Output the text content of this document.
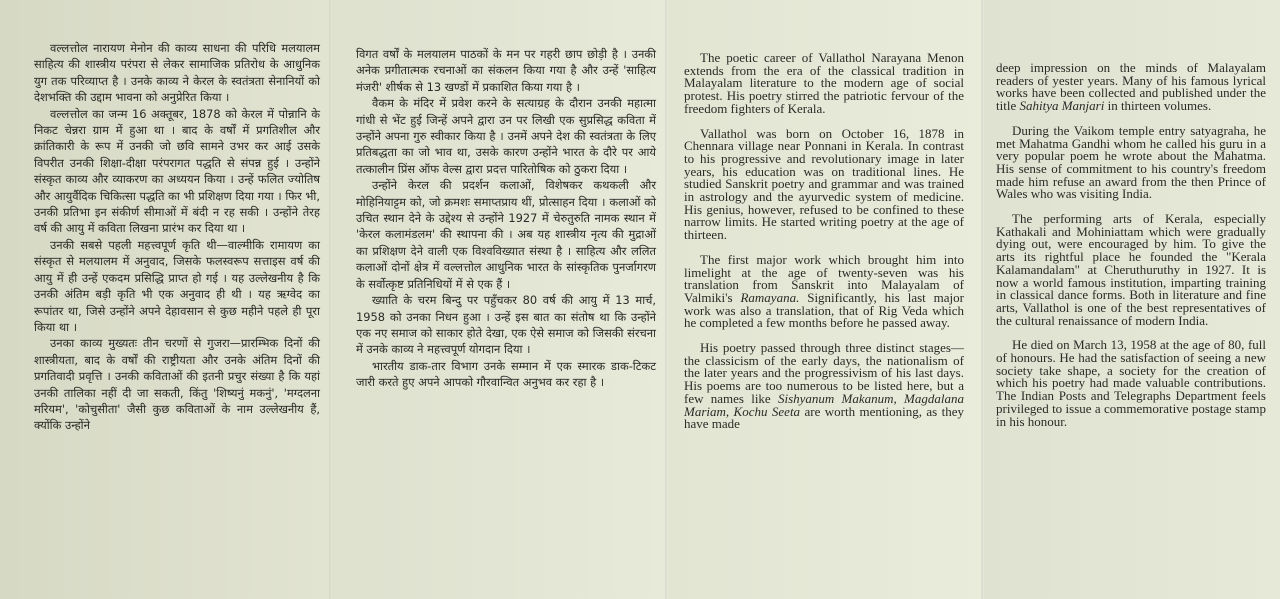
वल्लत्तोल नारायण मेनोन की काव्य साधना की परिधि मलयालम साहित्य की शास्त्रीय परंपरा से लेकर सामाजिक प्रतिरोध के आधुनिक युग तक परिव्याप्त है । उनके काव्य ने केरल के स्वतंत्रता सेनानियों को देशभक्ति की उद्दाम भावना को अनुप्रेरित किया ।

वल्लत्तोल का जन्म 16 अक्तूबर, 1878 को केरल में पोन्नानि के निकट चेन्नरा ग्राम में हुआ था । बाद के वर्षों में प्रगतिशील और क्रांतिकारी के रूप में उनकी जो छवि सामने उभर कर आई उसके विपरीत उनकी शिक्षा-दीक्षा परंपरागत पद्धति से संपन्न हुई । उन्होंने संस्कृत काव्य और व्याकरण का अध्ययन किया । उन्हें फलित ज्योतिष और आयुर्वैदिक चिकित्सा पद्धति का भी प्रशिक्षण दिया गया । फिर भी, उनकी प्रतिभा इन संकीर्ण सीमाओं में बंदी न रह सकी । उन्होंने तेरह वर्ष की आयु में कविता लिखना प्रारंभ कर दिया था ।

उनकी सबसे पहली महत्त्वपूर्ण कृति थी—वाल्मीकि रामायण का संस्कृत से मलयालम में अनुवाद, जिसके फलस्वरूप सत्ताइस वर्ष की आयु में ही उन्हें एकदम प्रसिद्धि प्राप्त हो गई । यह उल्लेखनीय है कि उनकी अंतिम बड़ी कृति भी एक अनुवाद ही थी । यह ऋग्वेद का रूपांतर था, जिसे उन्होंने अपने देहावसान से कुछ महीने पहले ही पूरा किया था ।

उनका काव्य मुख्यतः तीन चरणों से गुजरा—प्रारम्भिक दिनों की शास्त्रीयता, बाद के वर्षों की राष्ट्रीयता और उनके अंतिम दिनों की प्रगतिवादी प्रवृत्ति । उनकी कविताओं की इतनी प्रचुर संख्या है कि यहां उनकी तालिका नहीं दी जा सकती, किंतु 'शिष्यनुं मकनुं', 'मग्दलना मरियम', 'कोचुसीता' जैसी कुछ कविताओं के नाम उल्लेखनीय हैं, क्योंकि उन्होंने

विगत वर्षों के मलयालम पाठकों के मन पर गहरी छाप छोड़ी है । उनकी अनेक प्रगीतात्मक रचनाओं का संकलन किया गया है और उन्हें 'साहित्य मंजरी' शीर्षक से 13 खण्डों में प्रकाशित किया गया है ।

वैकम के मंदिर में प्रवेश करने के सत्याग्रह के दौरान उनकी महात्मा गांधी से भेंट हुई जिन्हें अपने द्वारा उन पर लिखी एक सुप्रसिद्ध कविता में उन्होंने अपना गुरु स्वीकार किया है । उनमें अपने देश की स्वतंत्रता के लिए प्रतिबद्धता का जो भाव था, उसके कारण उन्होंने भारत के दौरे पर आये तत्कालीन प्रिंस ऑफ वेल्स द्वारा प्रदत्त पारितोषिक को ठुकरा दिया ।

उन्होंने केरल की प्रदर्शन कलाओं, विशेषकर कथकली और मोहिनियाट्टम को, जो क्रमशः समाप्तप्राय थीं, प्रोत्साहन दिया । कलाओं को उचित स्थान देने के उद्देश्य से उन्होंने 1927 में चेरुतुरुति नामक स्थान में 'केरल कलामंडलम' की स्थापना की । अब यह शास्त्रीय नृत्य की मुद्राओं का प्रशिक्षण देने वाली एक विश्वविख्यात संस्था है । साहित्य और ललित कलाओं दोनों क्षेत्र में वल्लत्तोल आधुनिक भारत के सांस्कृतिक पुनर्जागरण के सर्वोत्कृष्ट प्रतिनिधियों में से एक हैं ।

ख्याति के चरम बिन्दु पर पहुँचकर 80 वर्ष की आयु में 13 मार्च, 1958 को उनका निधन हुआ । उन्हें इस बात का संतोष था कि उन्होंने एक नए समाज को साकार होते देखा, एक ऐसे समाज को जिसकी संरचना में उनके काव्य ने महत्त्वपूर्ण योगदान दिया ।

भारतीय डाक-तार विभाग उनके सम्मान में एक स्मारक डाक-टिकट जारी करते हुए अपने आपको गौरवान्वित अनुभव कर रहा है ।

The poetic career of Vallathol Narayana Menon extends from the era of the classical tradition in Malayalam literature to the modern age of social protest. His poetry stirred the patriotic fervour of the freedom fighters of Kerala.

Vallathol was born on October 16, 1878 in Chennara village near Ponnani in Kerala. In contrast to his progressive and revolutionary image in later years, his education was on traditional lines. He studied Sanskrit poetry and grammar and was trained in astrology and the ayurvedic system of medicine. His genius, however, refused to be confined to these narrow limits. He started writing poetry at the age of thirteen.

The first major work which brought him into limelight at the age of twenty-seven was his translation from Sanskrit into Malayalam of Valmiki's Ramayana. Significantly, his last major work was also a translation, that of Rig Veda which he completed a few months before he passed away.

His poetry passed through three distinct stages—the classicism of the early days, the nationalism of the later years and the progressivism of his last days. His poems are too numerous to be listed here, but a few names like Sishyanum Makanum, Magdalana Mariam, Kochu Seeta are worth mentioning, as they have made

deep impression on the minds of Malayalam readers of yester years. Many of his famous lyrical works have been collected and published under the title Sahitya Manjari in thirteen volumes.

During the Vaikom temple entry satyagraha, he met Mahatma Gandhi whom he called his guru in a very popular poem he wrote about the Mahatma. His sense of commitment to his country's freedom made him refuse an award from the then Prince of Wales who was visiting India.

The performing arts of Kerala, especially Kathakali and Mohiniattam which were gradually dying out, were encouraged by him. To give the arts its rightful place he founded the "Kerala Kalamandalam" at Cheruthuruthy in 1927. It is now a world famous institution, imparting training in classical dance forms. Both in literature and fine arts, Vallathol is one of the best representatives of the cultural renaissance of modern India.

He died on March 13, 1958 at the age of 80, full of honours. He had the satisfaction of seeing a new society take shape, a society for the creation of which his poetry had made valuable contributions. The Indian Posts and Telegraphs Department feels privileged to issue a commemorative postage stamp in his honour.
